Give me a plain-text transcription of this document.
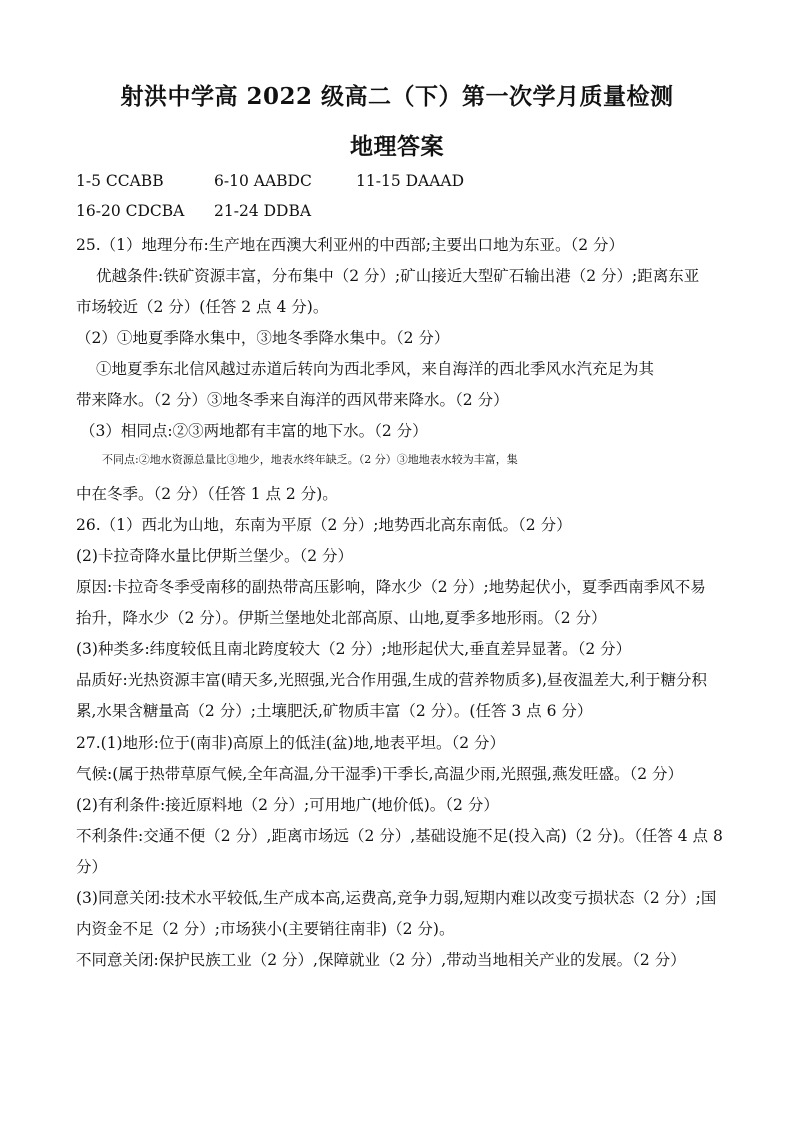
射洪中学高 2022 级高二（下）第一次学月质量检测
地理答案
1-5 CCABB	6-10 AABDC	11-15 DAAAD
16-20 CDCBA 21-24 DDBA
25.（1）地理分布:生产地在西澳大利亚州的中西部;主要出口地为东亚。（2 分）
优越条件:铁矿资源丰富，分布集中（2 分）;矿山接近大型矿石输出港（2 分）;距离东亚
市场较近（2 分）(任答 2 点 4 分)。
（2）①地夏季降水集中，③地冬季降水集中。（2 分）
①地夏季东北信风越过赤道后转向为西北季风，来自海洋的西北季风水汽充足为其
带来降水。（2 分）③地冬季来自海洋的西风带来降水。（2 分）
（3）相同点:②③两地都有丰富的地下水。（2 分）
不同点:②地水资源总量比③地少，地表水终年缺乏。（2 分）③地地表水较为丰富，集
中在冬季。（2 分）（任答 1 点 2 分)。
26.（1）西北为山地，东南为平原（2 分）;地势西北高东南低。（2 分）
(2)卡拉奇降水量比伊斯兰堡少。（2 分）
原因:卡拉奇冬季受南移的副热带高压影响，降水少（2 分）;地势起伏小，夏季西南季风不易
抬升，降水少（2 分）。伊斯兰堡地处北部高原、山地,夏季多地形雨。（2 分）
(3)种类多:纬度较低且南北跨度较大（2 分）;地形起伏大,垂直差异显著。（2 分）
品质好:光热资源丰富(晴天多,光照强,光合作用强,生成的营养物质多),昼夜温差大,利于糖分积
累,水果含糖量高（2 分）;土壤肥沃,矿物质丰富（2 分）。(任答 3 点 6 分）
27.(1)地形:位于(南非)高原上的低洼(盆)地,地表平坦。（2 分）
气候:(属于热带草原气候,全年高温,分干湿季)干季长,高温少雨,光照强,燕发旺盛。（2 分）
(2)有利条件:接近原料地（2 分）;可用地广(地价低)。（2 分）
不利条件:交通不便（2 分）,距离市场远（2 分）,基础设施不足(投入高)（2 分)。（任答 4 点 8
分）
(3)同意关闭:技术水平较低,生产成本高,运费高,竞争力弱,短期内难以改变亏损状态（2 分）;国
内资金不足（2 分）;市场狭小(主要销往南非)（2 分)。
不同意关闭:保护民族工业（2 分）,保障就业（2 分）,带动当地相关产业的发展。（2 分）
